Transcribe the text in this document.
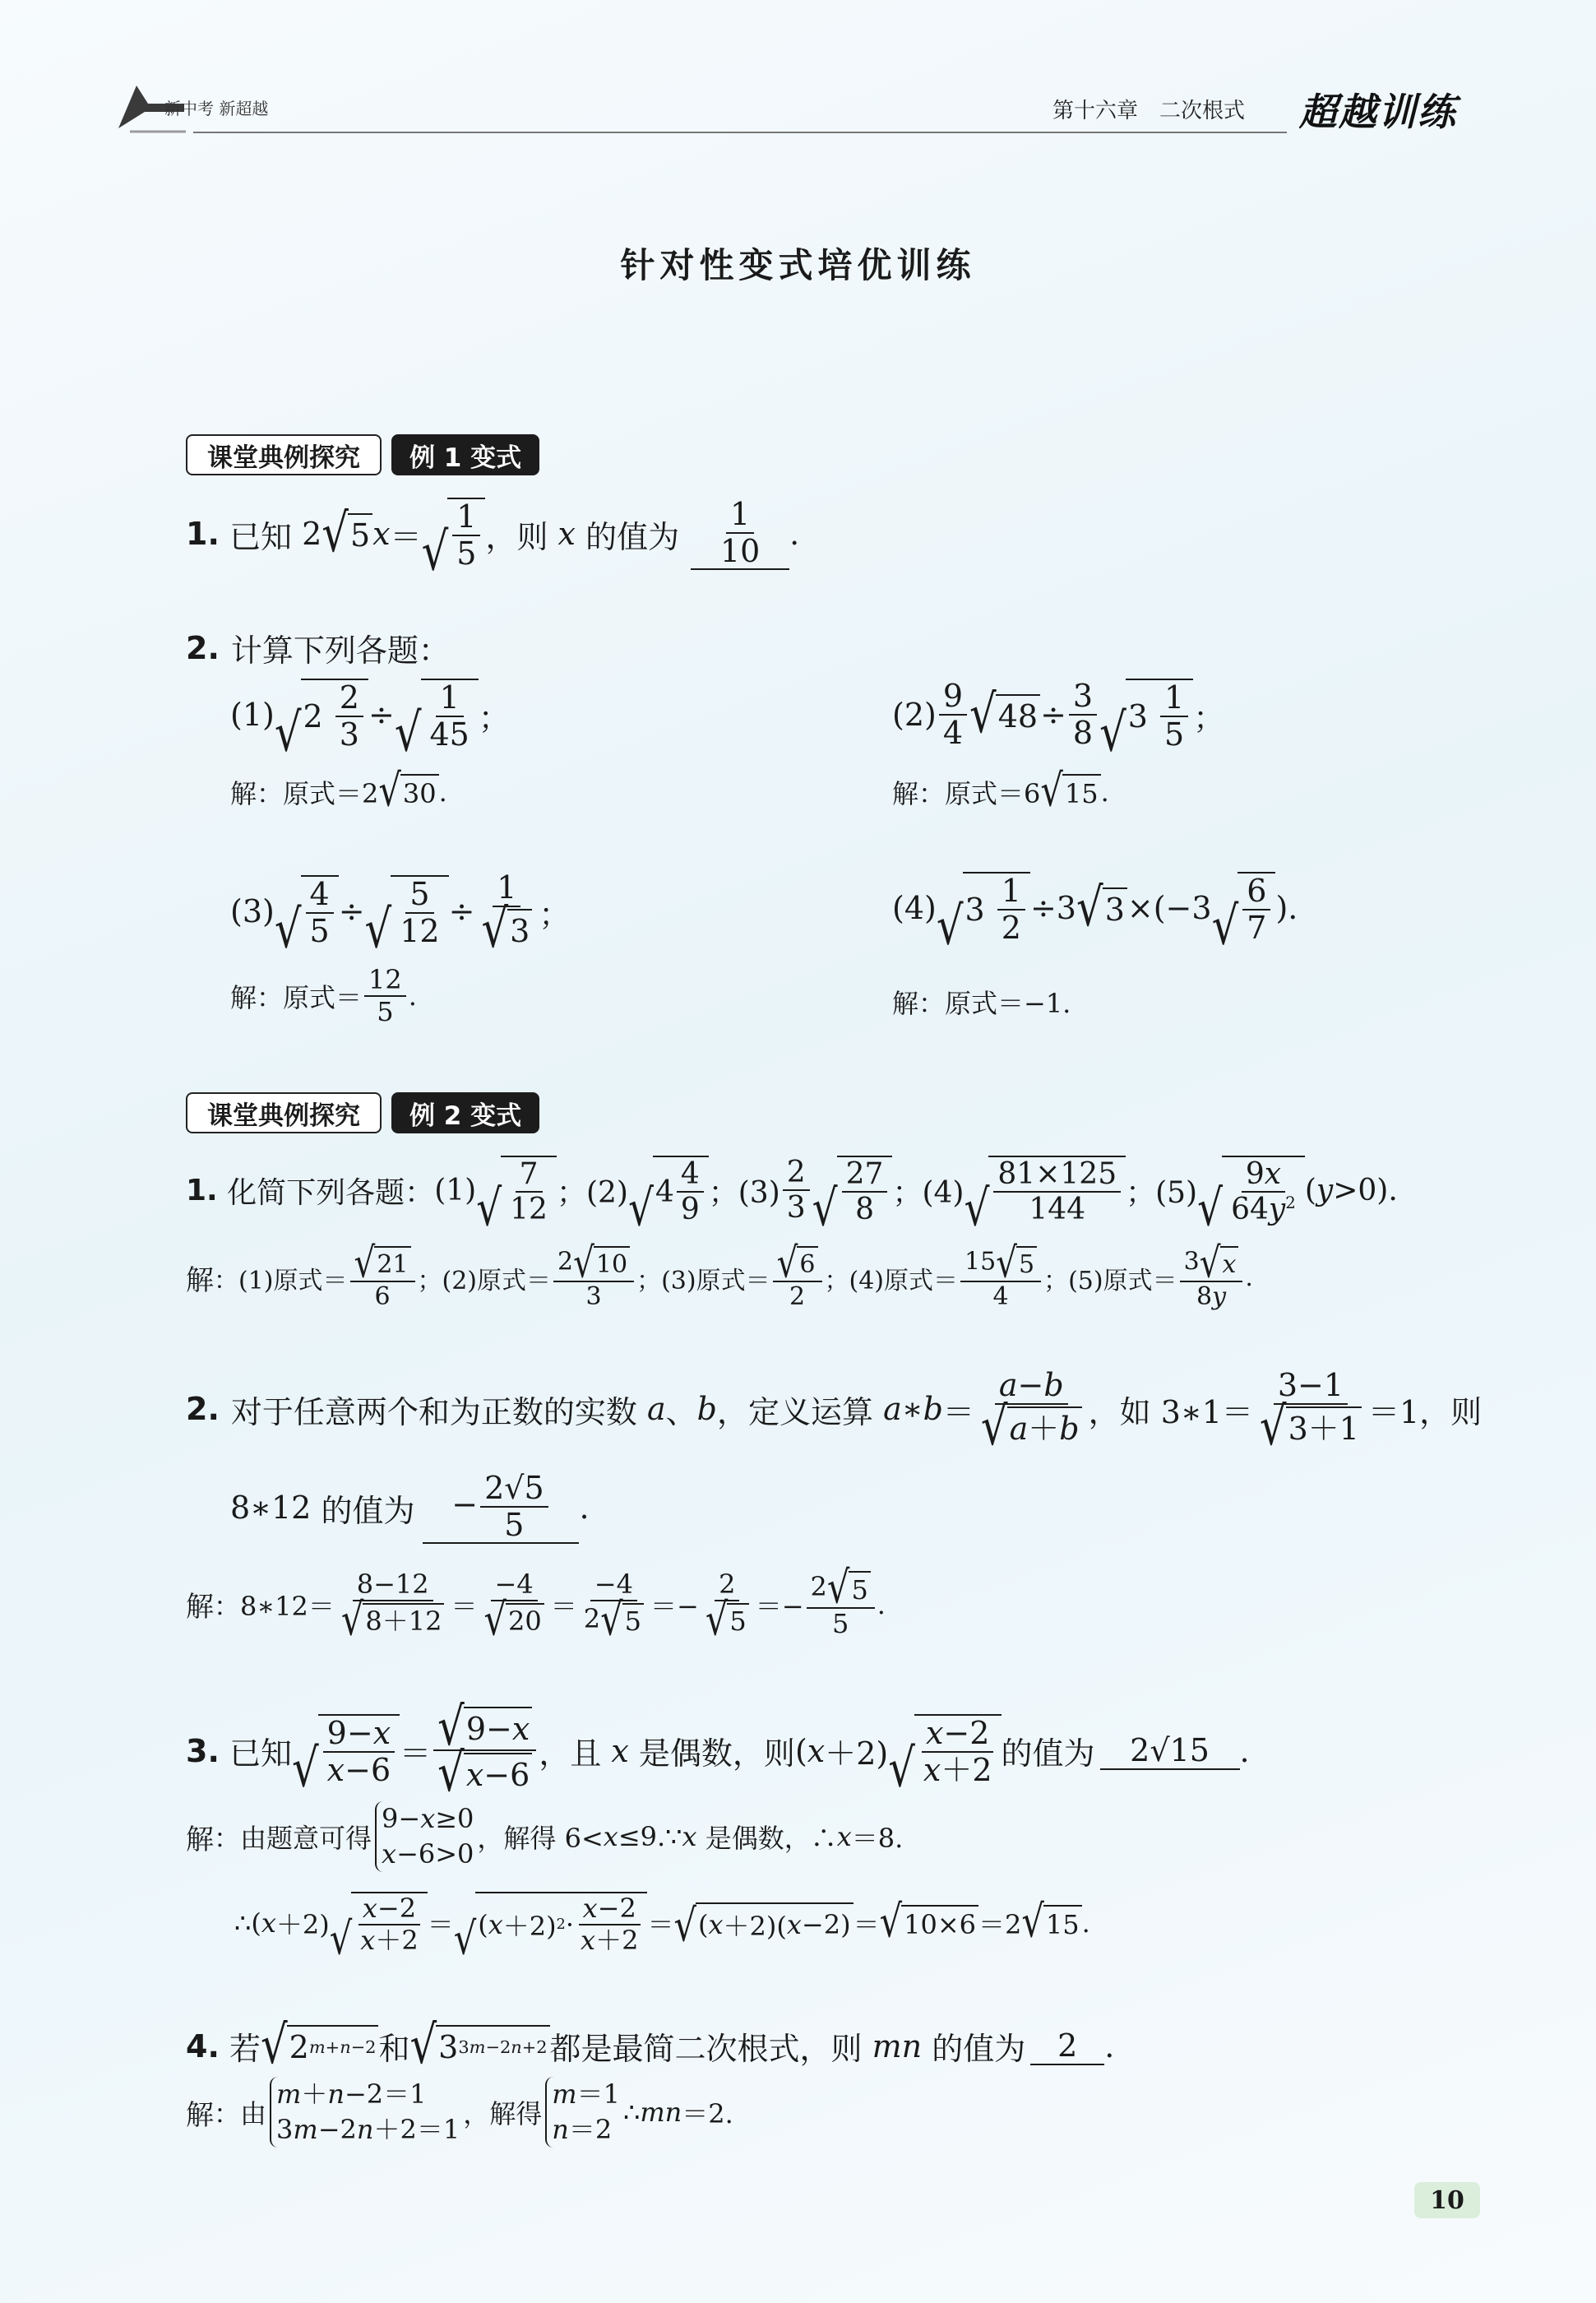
新中考 新超越	第十六章　二次根式 超越训练
针对性变式培优训练
课堂典例探究	例 1 变式
1. 已知 2 √ 5 x ＝ √ $\frac{1}{5}$ ，则 x 的值为 $\frac{1}{10}$ .
2. 计算下列各题：
(1) √ $2 \frac{2}{3}$ ÷ √ $\frac{1}{45}$ ；
解：原式＝2 √ 30 .
$(2) \frac{9}{4}$ √ $48 \div \frac{3}{8}$ √ $3 \frac{1}{5}$ ；
解：原式＝6 √ 15 .
(3) √ $\frac{4}{5}$ ÷ √ $\frac{5}{12} \div \frac{1}{√ 3}$ ；
解：原式＝ $\frac{12}{5}$ .
(4) √ $3 \frac{1}{2} \div 3$ √ 3 ×(−3 √ $\frac{6}{7}$ ).
解：原式＝−1.
课堂典例探究	例 2 变式
1. 化简下列各题： (1) √ $\frac{7}{12}$ ；(2) √ $4 \frac{4}{9}$ ；$(3) \frac{2}{3}$ √ $\frac{27}{8}$ ；(4) √ $\frac{81\times 125}{144}$ ；(5) √ $\frac{9x}{64y^2}$ ( y >0).
解 ：(1)原式＝ $\frac{√ 21}{6}$ ；(2)原式＝ $\frac{2 √ 10}{3}$ ；(3)原式＝ $\frac{√ 6}{2}$ ；(4)原式＝ $\frac{15 √ 5}{4}$ ；(5)原式＝ $\frac{3 √ x}{8y}$ .
2. 对于任意两个和为正数的实数
a 、 b ，定义运算 a ∗ $b = \frac{a-b}{√ a + b}$ ，如 3∗1＝ $\frac{3-1}{√ 3+1} =1$ ，则
8∗12 的值为	− $\frac{2√5}{5}$ .
解 ：8∗12＝ $\frac{8-12}{√ 8+12} = \frac{-4}{√ 20} = \frac{-4}{2 √ 5} =- \frac{2}{√ 5} =- \frac{2 √ 5}{5}$ .
3. 已知 √ $\frac{9-x}{x-6} = \frac{√ 9- x}{√ x -6}$ ，且 x 是偶数，则 ( x ＋2) √ $\frac{x-2}{x+2}$ 的值为	2√15 .
解 ：由题意可得
9−x≥0
x−6>0 ，解得 6< x ≤9.∵ x 是偶数，∴ x ＝8.
∴( x ＋2) √ $\frac{x-2}{x+2}$ ＝ √ ( x ＋2) $2 \cdot \frac{x-2}{x+2}$ ＝ √ ( x ＋2)( x −2) ＝ √ 10×6 ＝2 √ 15 .
4. 若 √ 2 m+n−2 和 √ 3 3m−2n+2 都是最简二次根式，则 mn 的值为	2 .
解 ：由
m＋n−2＝1
3m−2n＋2＝1 ，解得
m＝1
n＝2
∴ mn ＝2.
10
